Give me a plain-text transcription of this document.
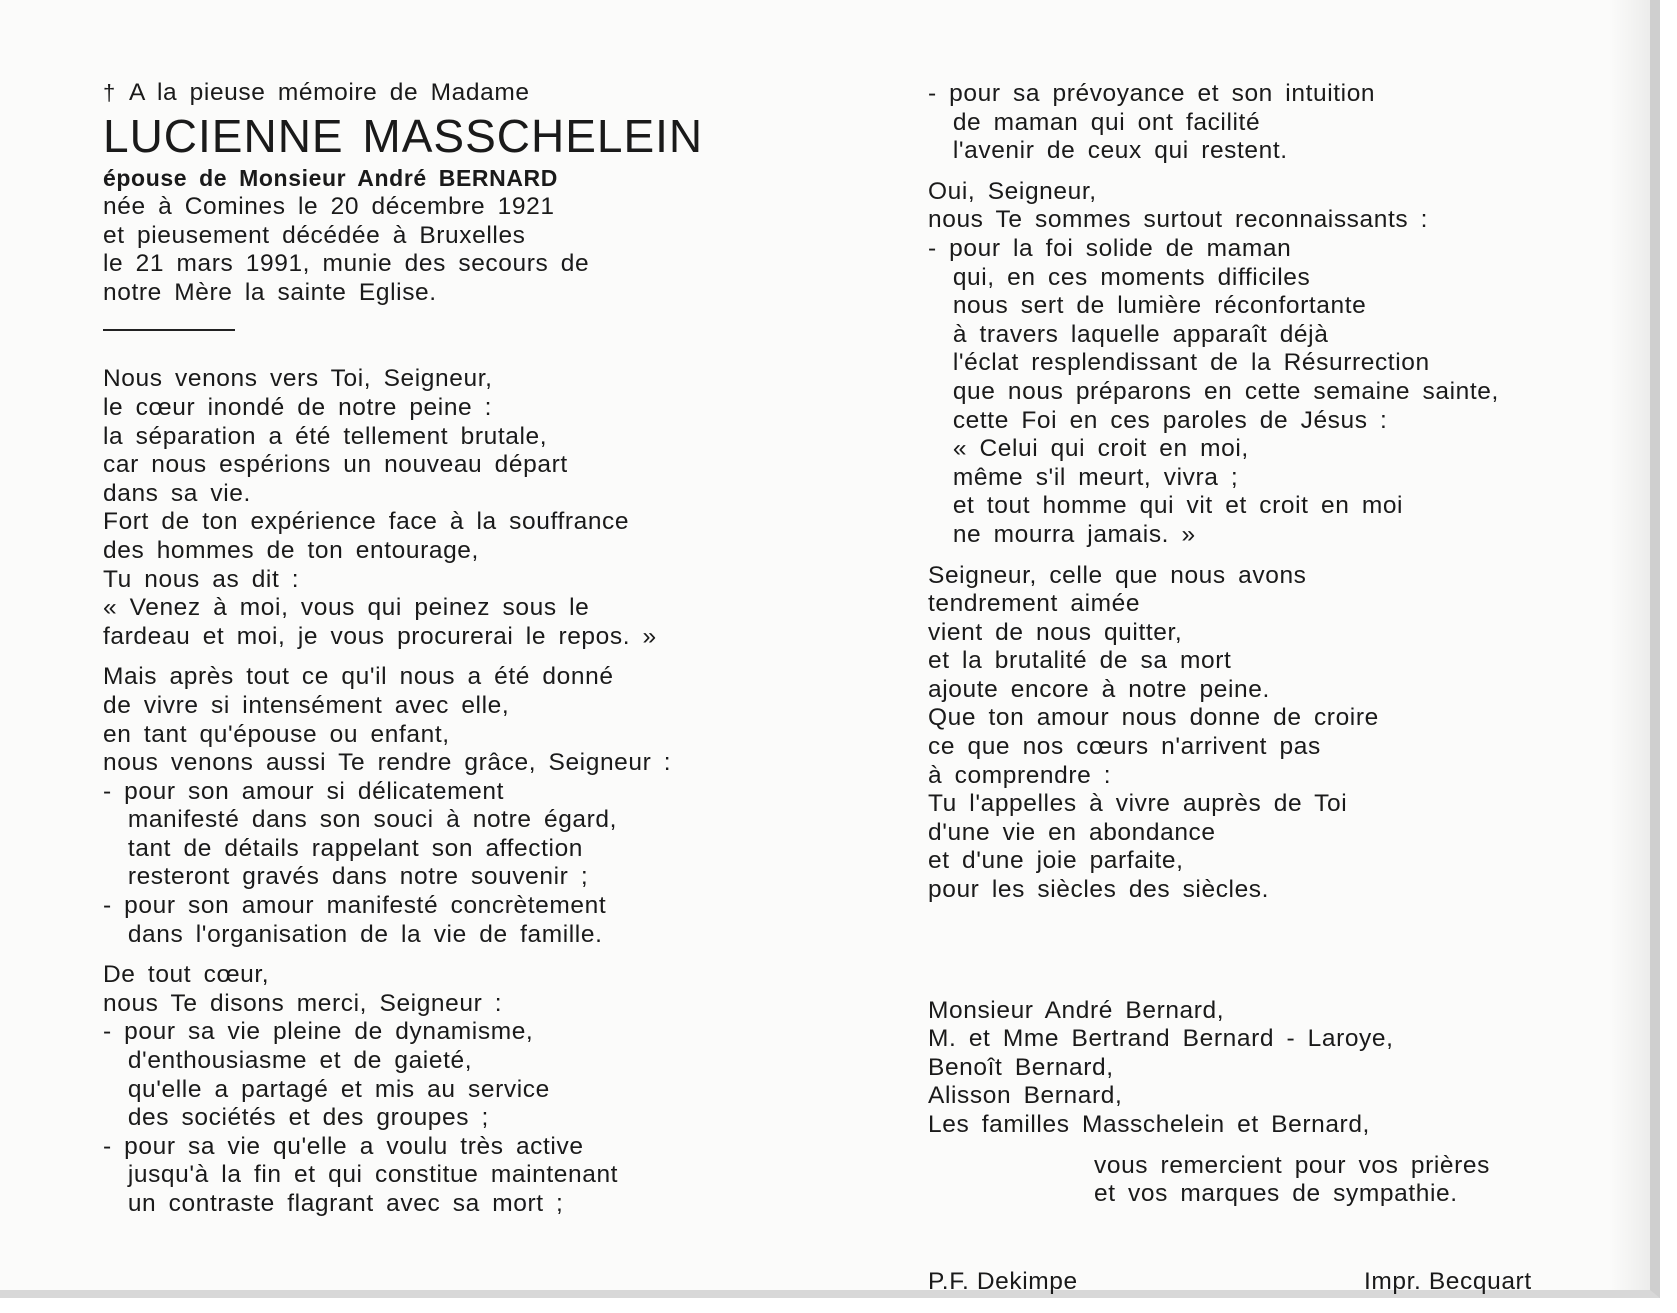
† A la pieuse mémoire de Madame
LUCIENNE MASSCHELEIN
épouse de Monsieur André BERNARD
née à Comines le 20 décembre 1921
et pieusement décédée à Bruxelles
le 21 mars 1991, munie des secours de
notre Mère la sainte Eglise.
Nous venons vers Toi, Seigneur,
le cœur inondé de notre peine :
la séparation a été tellement brutale,
car nous espérions un nouveau départ
dans sa vie.
Fort de ton expérience face à la souffrance
des hommes de ton entourage,
Tu nous as dit :
« Venez à moi, vous qui peinez sous le
fardeau et moi, je vous procurerai le repos. »
Mais après tout ce qu'il nous a été donné
de vivre si intensément avec elle,
en tant qu'épouse ou enfant,
nous venons aussi Te rendre grâce, Seigneur :
- pour son amour si délicatement
manifesté dans son souci à notre égard,
tant de détails rappelant son affection
resteront gravés dans notre souvenir ;
- pour son amour manifesté concrètement
dans l'organisation de la vie de famille.
De tout cœur,
nous Te disons merci, Seigneur :
- pour sa vie pleine de dynamisme,
d'enthousiasme et de gaieté,
qu'elle a partagé et mis au service
des sociétés et des groupes ;
- pour sa vie qu'elle a voulu très active
jusqu'à la fin et qui constitue maintenant
un contraste flagrant avec sa mort ;
- pour sa prévoyance et son intuition
de maman qui ont facilité
l'avenir de ceux qui restent.
Oui, Seigneur,
nous Te sommes surtout reconnaissants :
- pour la foi solide de maman
qui, en ces moments difficiles
nous sert de lumière réconfortante
à travers laquelle apparaît déjà
l'éclat resplendissant de la Résurrection
que nous préparons en cette semaine sainte,
cette Foi en ces paroles de Jésus :
« Celui qui croit en moi,
même s'il meurt, vivra ;
et tout homme qui vit et croit en moi
ne mourra jamais. »
Seigneur, celle que nous avons
tendrement aimée
vient de nous quitter,
et la brutalité de sa mort
ajoute encore à notre peine.
Que ton amour nous donne de croire
ce que nos cœurs n'arrivent pas
à comprendre :
Tu l'appelles à vivre auprès de Toi
d'une vie en abondance
et d'une joie parfaite,
pour les siècles des siècles.
Monsieur André Bernard,
M. et Mme Bertrand Bernard - Laroye,
Benoît Bernard,
Alisson Bernard,
Les familles Masschelein et Bernard,
vous remercient pour vos prières
et vos marques de sympathie.
P.F. Dekimpe	Impr. Becquart
